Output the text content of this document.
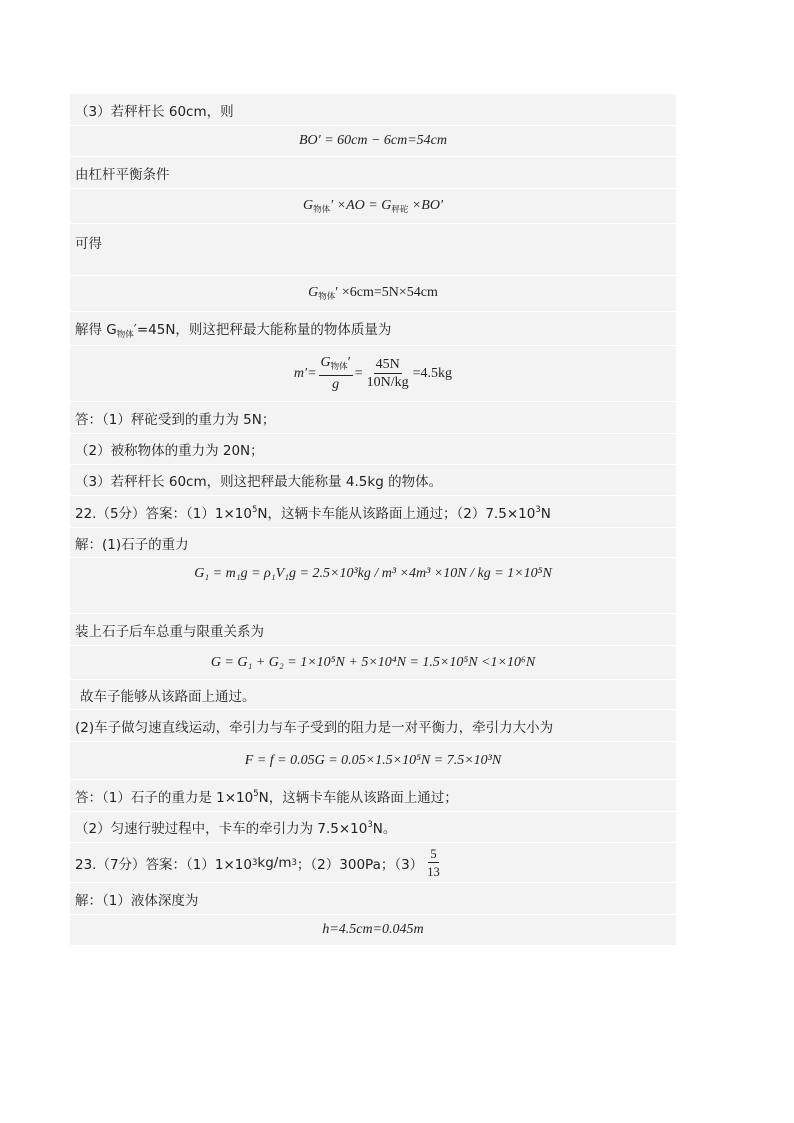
（3）若秤杆长 60cm，则
BO′ = 60cm − 6cm=54cm
由杠杆平衡条件
$G_{物体}' \times AO = G_{秤砣} \times BO'$
可得
$G_{物体}' \times 6cm=5N\times 54cm$
解得 $G_{物体}'=45N$，则这把秤最大能称量的物体质量为
$m'= \frac{G_{物体}'}{g} = \frac{45N}{10N/kg} =4.5kg$
答：（1）秤砣受到的重力为 5N；
（2）被称物体的重力为 20N；
（3）若秤杆长 60cm，则这把秤最大能称量 4.5kg 的物体。
22.（5分）答案：$(1)1\times 10^5N$，这辆卡车能从该路面上通过；$(2)7.5\times 10^3N$
解：(1)石子的重力
G₁ = m₁g = ρ₁V₁g = 2.5×10³kg / m³ ×4m³ ×10N / kg = 1×10⁵N
装上石子后车总重与限重关系为
G = G₁ + G₂ = 1×10⁵N + 5×10⁴N = 1.5×10⁵N <1×10⁶N
故车子能够从该路面上通过。
(2)车子做匀速直线运动，牵引力与车子受到的阻力是一对平衡力，牵引力大小为
F = f = 0.05G = 0.05×1.5×10⁵N = 7.5×10³N
答：（1）石子的重力是 $1\times 10^5N$，这辆卡车能从该路面上通过；
（2）匀速行驶过程中，卡车的牵引力为 $7.5\times 10^3N$。
23.（7分）答案：（1）1×10 3 kg/m 3 ；（2）300Pa；$(3) \frac{5}{13}$
解：（1）液体深度为
h=4.5cm=0.045m
